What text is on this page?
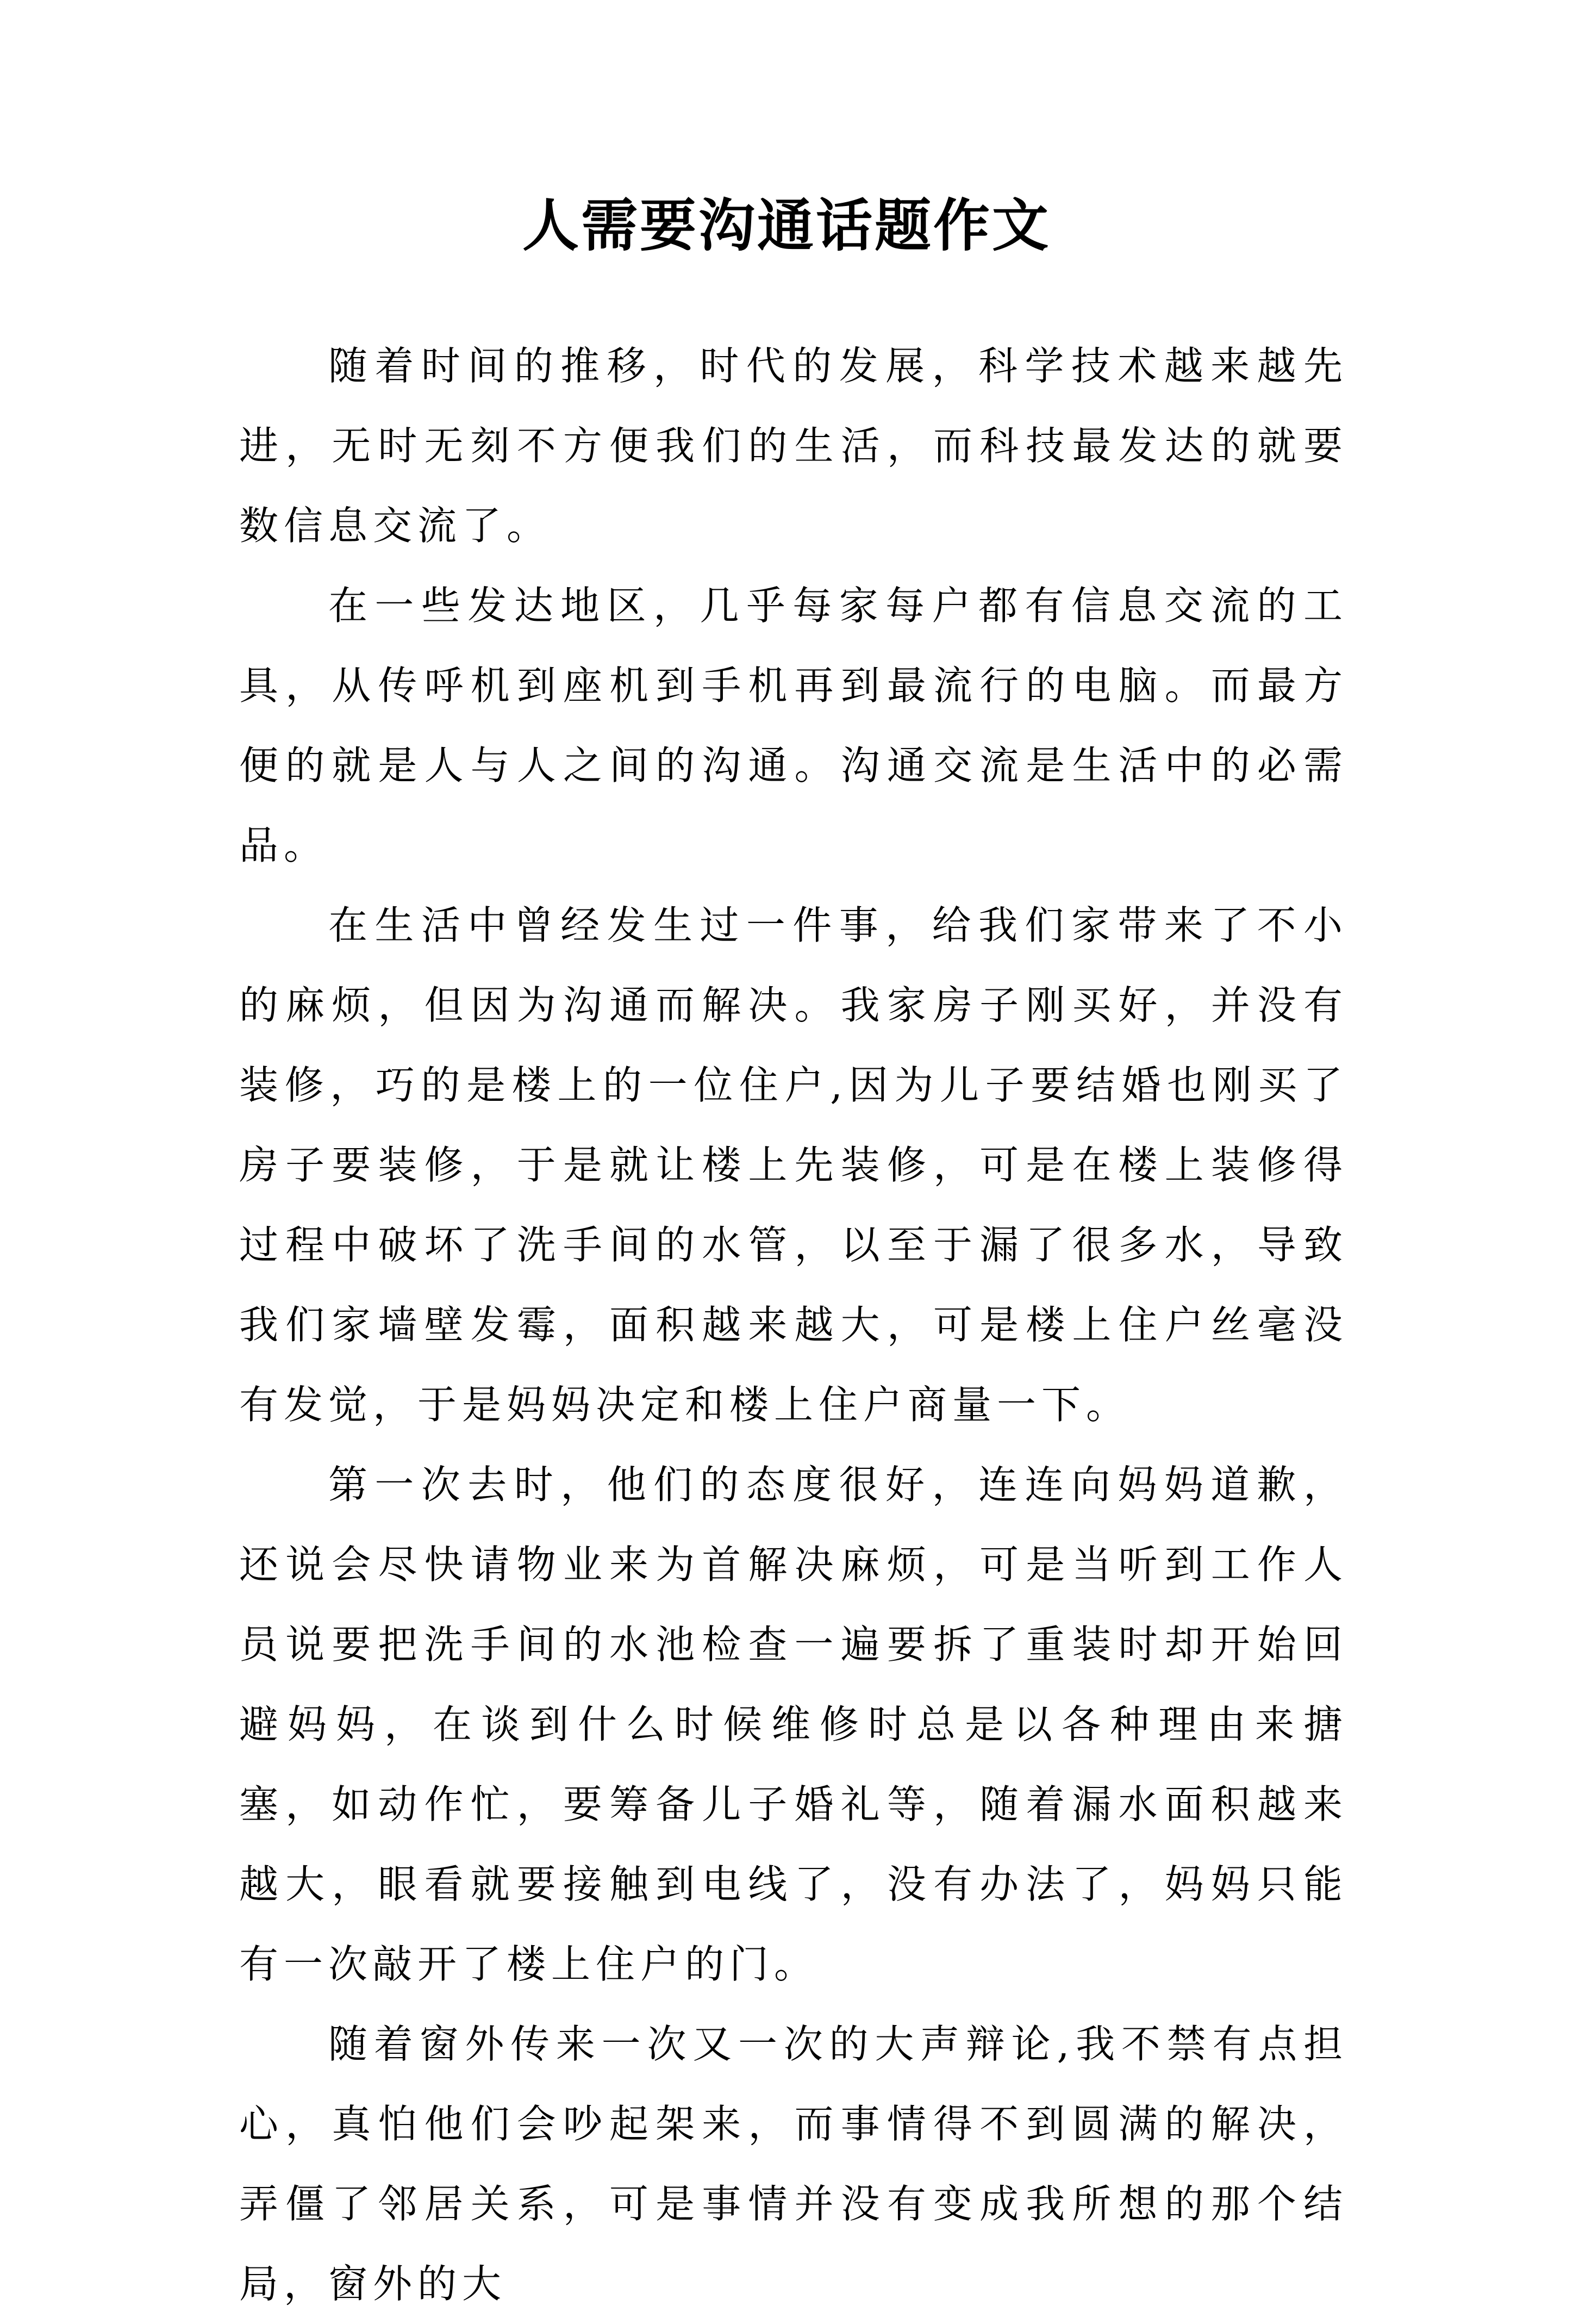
人需要沟通话题作文

随着时间的推移，时代的发展，科学技术越来越先进，无时无刻不方便我们的生活，而科技最发达的就要数信息交流了。

在一些发达地区，几乎每家每户都有信息交流的工具，从传呼机到座机到手机再到最流行的电脑。而最方便的就是人与人之间的沟通。沟通交流是生活中的必需品。

在生活中曾经发生过一件事，给我们家带来了不小的麻烦，但因为沟通而解决。我家房子刚买好，并没有装修，巧的是楼上的一位住户,因为儿子要结婚也刚买了房子要装修，于是就让楼上先装修，可是在楼上装修得过程中破坏了洗手间的水管，以至于漏了很多水，导致我们家墙壁发霉，面积越来越大，可是楼上住户丝毫没有发觉，于是妈妈决定和楼上住户商量一下。

第一次去时，他们的态度很好，连连向妈妈道歉，还说会尽快请物业来为首解决麻烦，可是当听到工作人员说要把洗手间的水池检查一遍要拆了重装时却开始回避妈妈，在谈到什么时候维修时总是以各种理由来搪塞，如动作忙，要筹备儿子婚礼等，随着漏水面积越来越大，眼看就要接触到电线了，没有办法了，妈妈只能有一次敲开了楼上住户的门。

随着窗外传来一次又一次的大声辩论,我不禁有点担心，真怕他们会吵起架来，而事情得不到圆满的解决，弄僵了邻居关系，可是事情并没有变成我所想的那个结局，窗外的大
